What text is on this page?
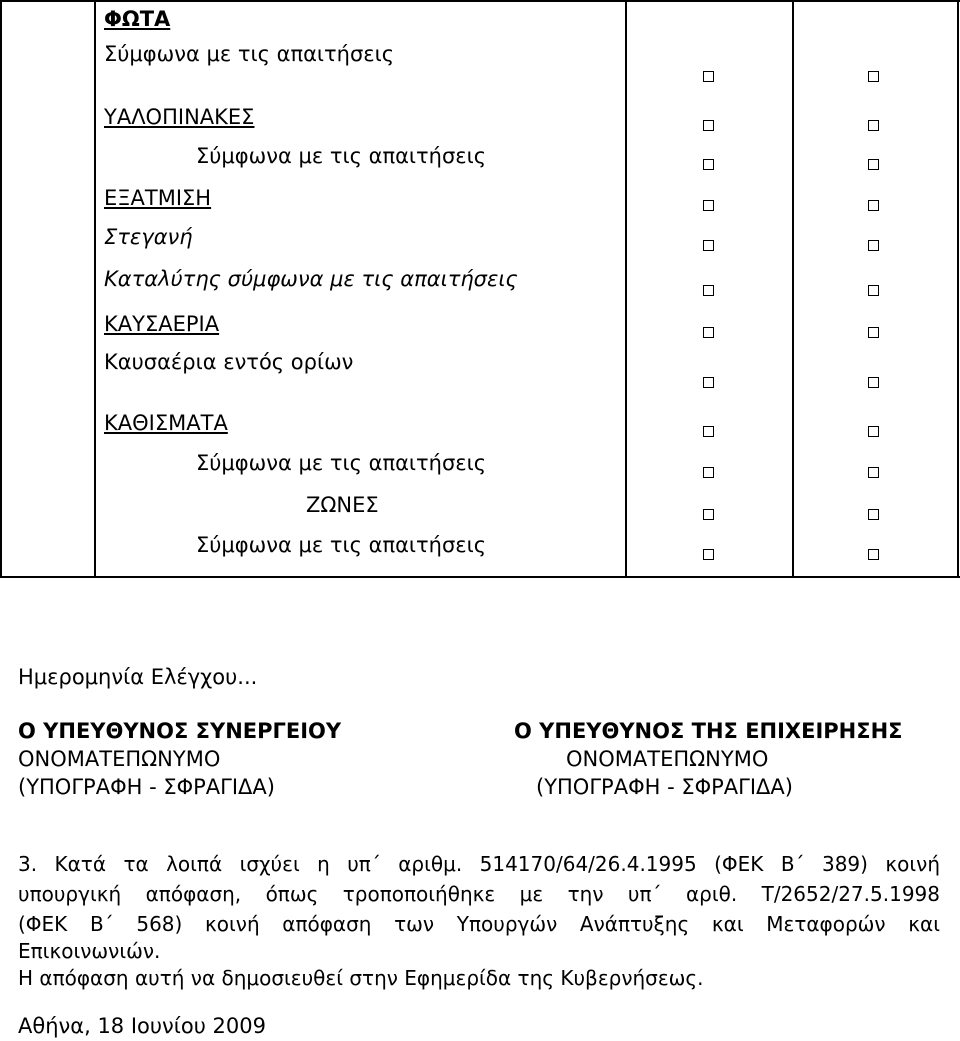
ΦΩΤΑ
Σύμφωνα με τις απαιτήσεις
ΥΑΛΟΠΙΝΑΚΕΣ
Σύμφωνα με τις απαιτήσεις
ΕΞΑΤΜΙΣΗ
Στεγανή
Καταλύτης σύμφωνα με τις απαιτήσεις
ΚΑΥΣΑΕΡΙΑ
Καυσαέρια εντός ορίων
ΚΑΘΙΣΜΑΤΑ
Σύμφωνα με τις απαιτήσεις
ΖΩΝΕΣ
Σύμφωνα με τις απαιτήσεις
Ημερομηνία Ελέγχου...
Ο ΥΠΕΥΘΥΝΟΣ ΣΥΝΕΡΓΕΙΟΥ
ΟΝΟΜΑΤΕΠΩΝΥΜΟ
(ΥΠΟΓΡΑΦΗ - ΣΦΡΑΓΙΔΑ)
Ο ΥΠΕΥΘΥΝΟΣ ΤΗΣ ΕΠΙΧΕΙΡΗΣΗΣ
ΟΝΟΜΑΤΕΠΩΝΥΜΟ
(ΥΠΟΓΡΑΦΗ - ΣΦΡΑΓΙΔΑ)
3. Κατά τα λοιπά ισχύει η υπ΄ αριθμ. 514170/64/26.4.1995 (ΦΕΚ Β΄ 389) κοινή
υπουργική απόφαση, όπως τροποποιήθηκε με την υπ΄ αριθ. Τ/2652/27.5.1998
(ΦΕΚ Β΄ 568) κοινή απόφαση των Υπουργών Ανάπτυξης και Μεταφορών και
Επικοινωνιών.
Η απόφαση αυτή να δημοσιευθεί στην Εφημερίδα της Κυβερνήσεως.
Αθήνα, 18 Ιουνίου 2009
